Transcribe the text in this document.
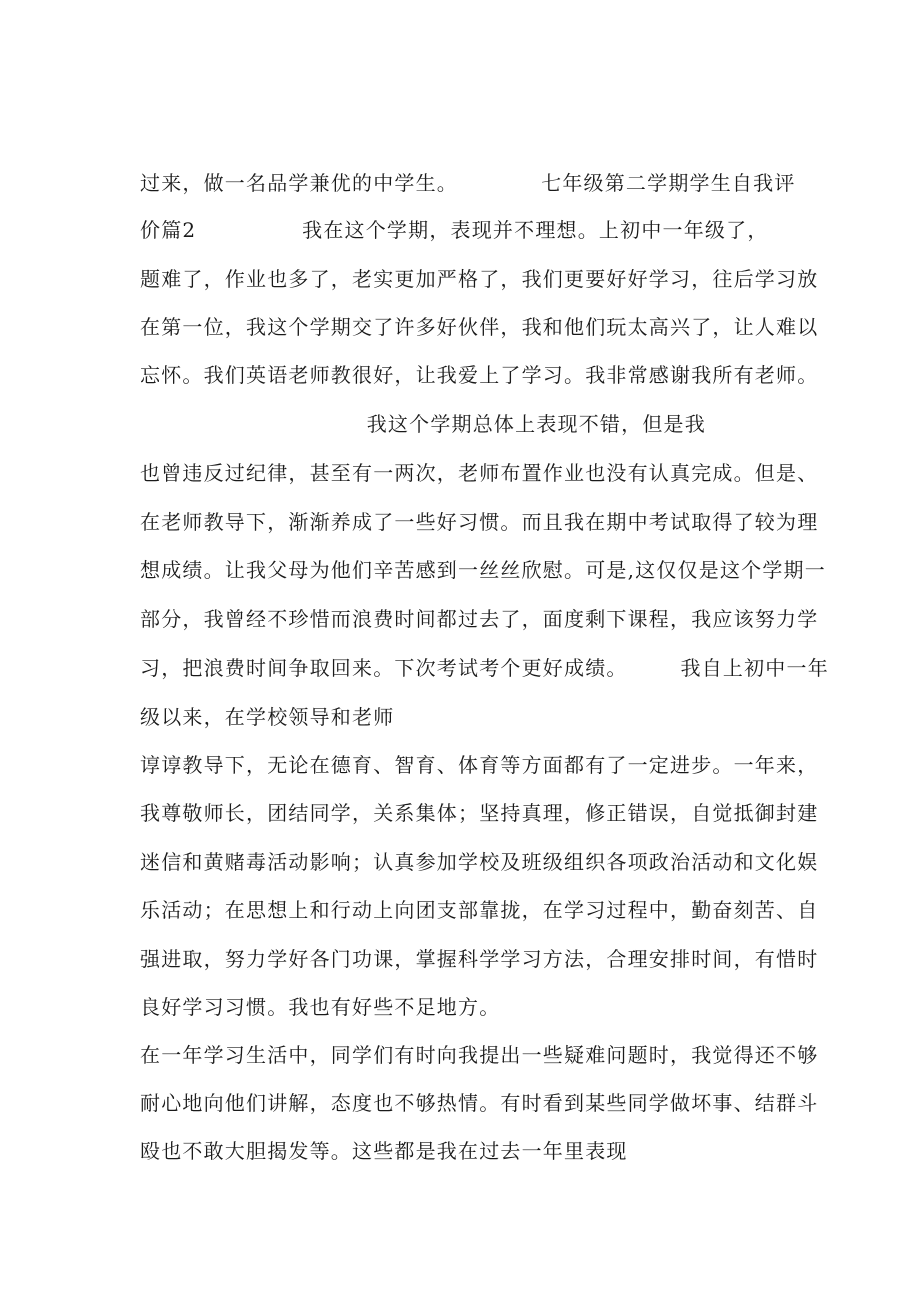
过来，做一名品学兼优的中学生。           七年级第二学期学生自我评
价篇2              我在这个学期，表现并不理想。上初中一年级了，
题难了，作业也多了，老实更加严格了，我们更要好好学习，往后学习放
在第一位，我这个学期交了许多好伙伴，我和他们玩太高兴了，让人难以
忘怀。我们英语老师教很好，让我爱上了学习。我非常感谢我所有老师。
我这个学期总体上表现不错，但是我
也曾违反过纪律，甚至有一两次，老师布置作业也没有认真完成。但是、
在老师教导下，渐渐养成了一些好习惯。而且我在期中考试取得了较为理
想成绩。让我父母为他们辛苦感到一丝丝欣慰。可是,这仅仅是这个学期一
部分，我曾经不珍惜而浪费时间都过去了，面度剩下课程，我应该努力学
习，把浪费时间争取回来。下次考试考个更好成绩。       我自上初中一年
级以来，在学校领导和老师
谆谆教导下，无论在德育、智育、体育等方面都有了一定进步。一年来，
我尊敬师长，团结同学，关系集体；坚持真理，修正错误，自觉抵御封建
迷信和黄赌毒活动影响；认真参加学校及班级组织各项政治活动和文化娱
乐活动；在思想上和行动上向团支部靠拢，在学习过程中，勤奋刻苦、自
强进取，努力学好各门功课，掌握科学学习方法，合理安排时间，有惜时
良好学习习惯。我也有好些不足地方。
在一年学习生活中，同学们有时向我提出一些疑难问题时，我觉得还不够
耐心地向他们讲解，态度也不够热情。有时看到某些同学做坏事、结群斗
殴也不敢大胆揭发等。这些都是我在过去一年里表现
